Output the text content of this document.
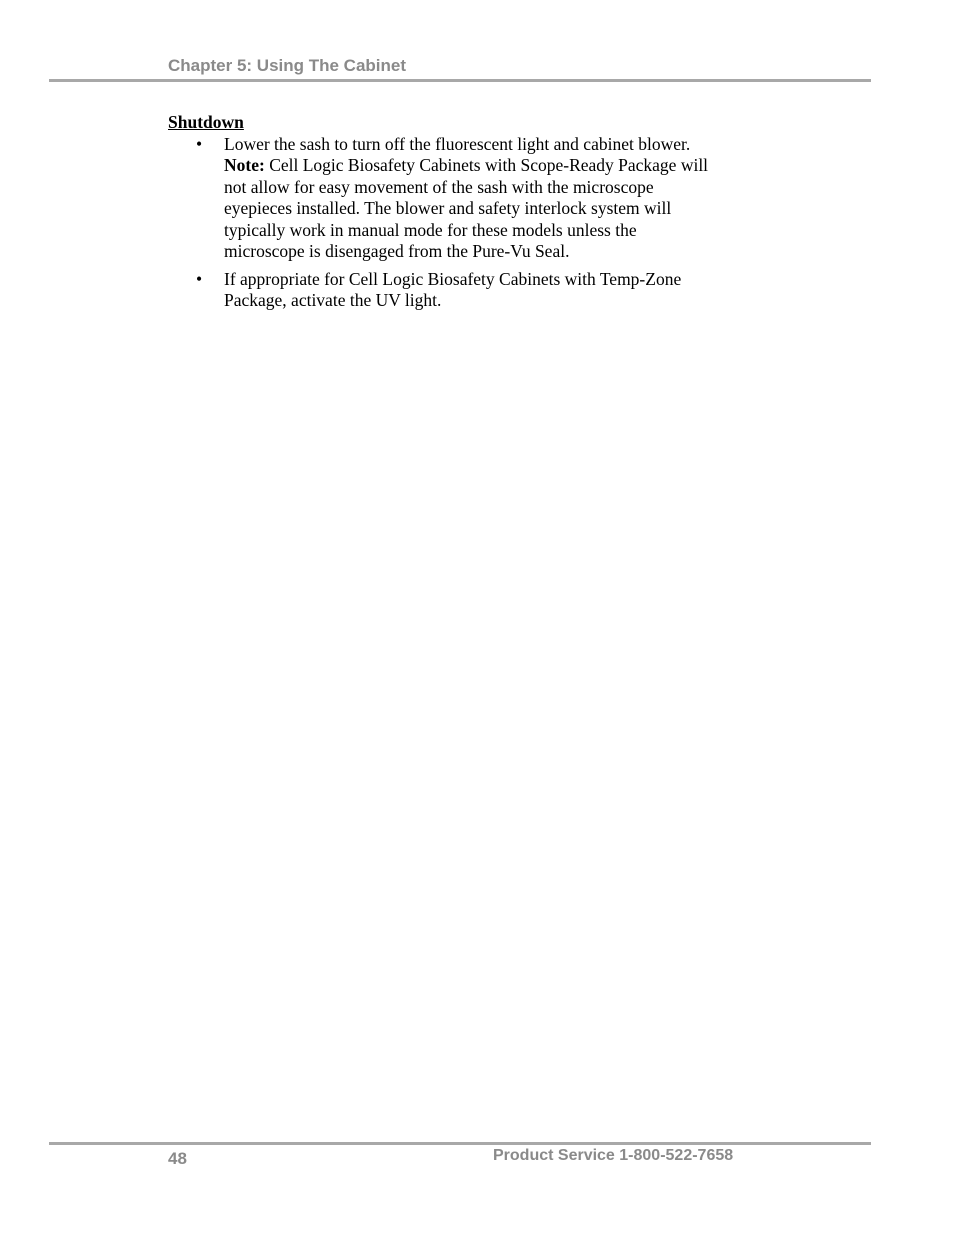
Chapter 5: Using The Cabinet

Shutdown

• Lower the sash to turn off the fluorescent light and cabinet blower.
Note: Cell Logic Biosafety Cabinets with Scope-Ready Package will
not allow for easy movement of the sash with the microscope
eyepieces installed. The blower and safety interlock system will
typically work in manual mode for these models unless the
microscope is disengaged from the Pure-Vu Seal.
• If appropriate for Cell Logic Biosafety Cabinets with Temp-Zone
Package, activate the UV light.
48	Product Service 1-800-522-7658
